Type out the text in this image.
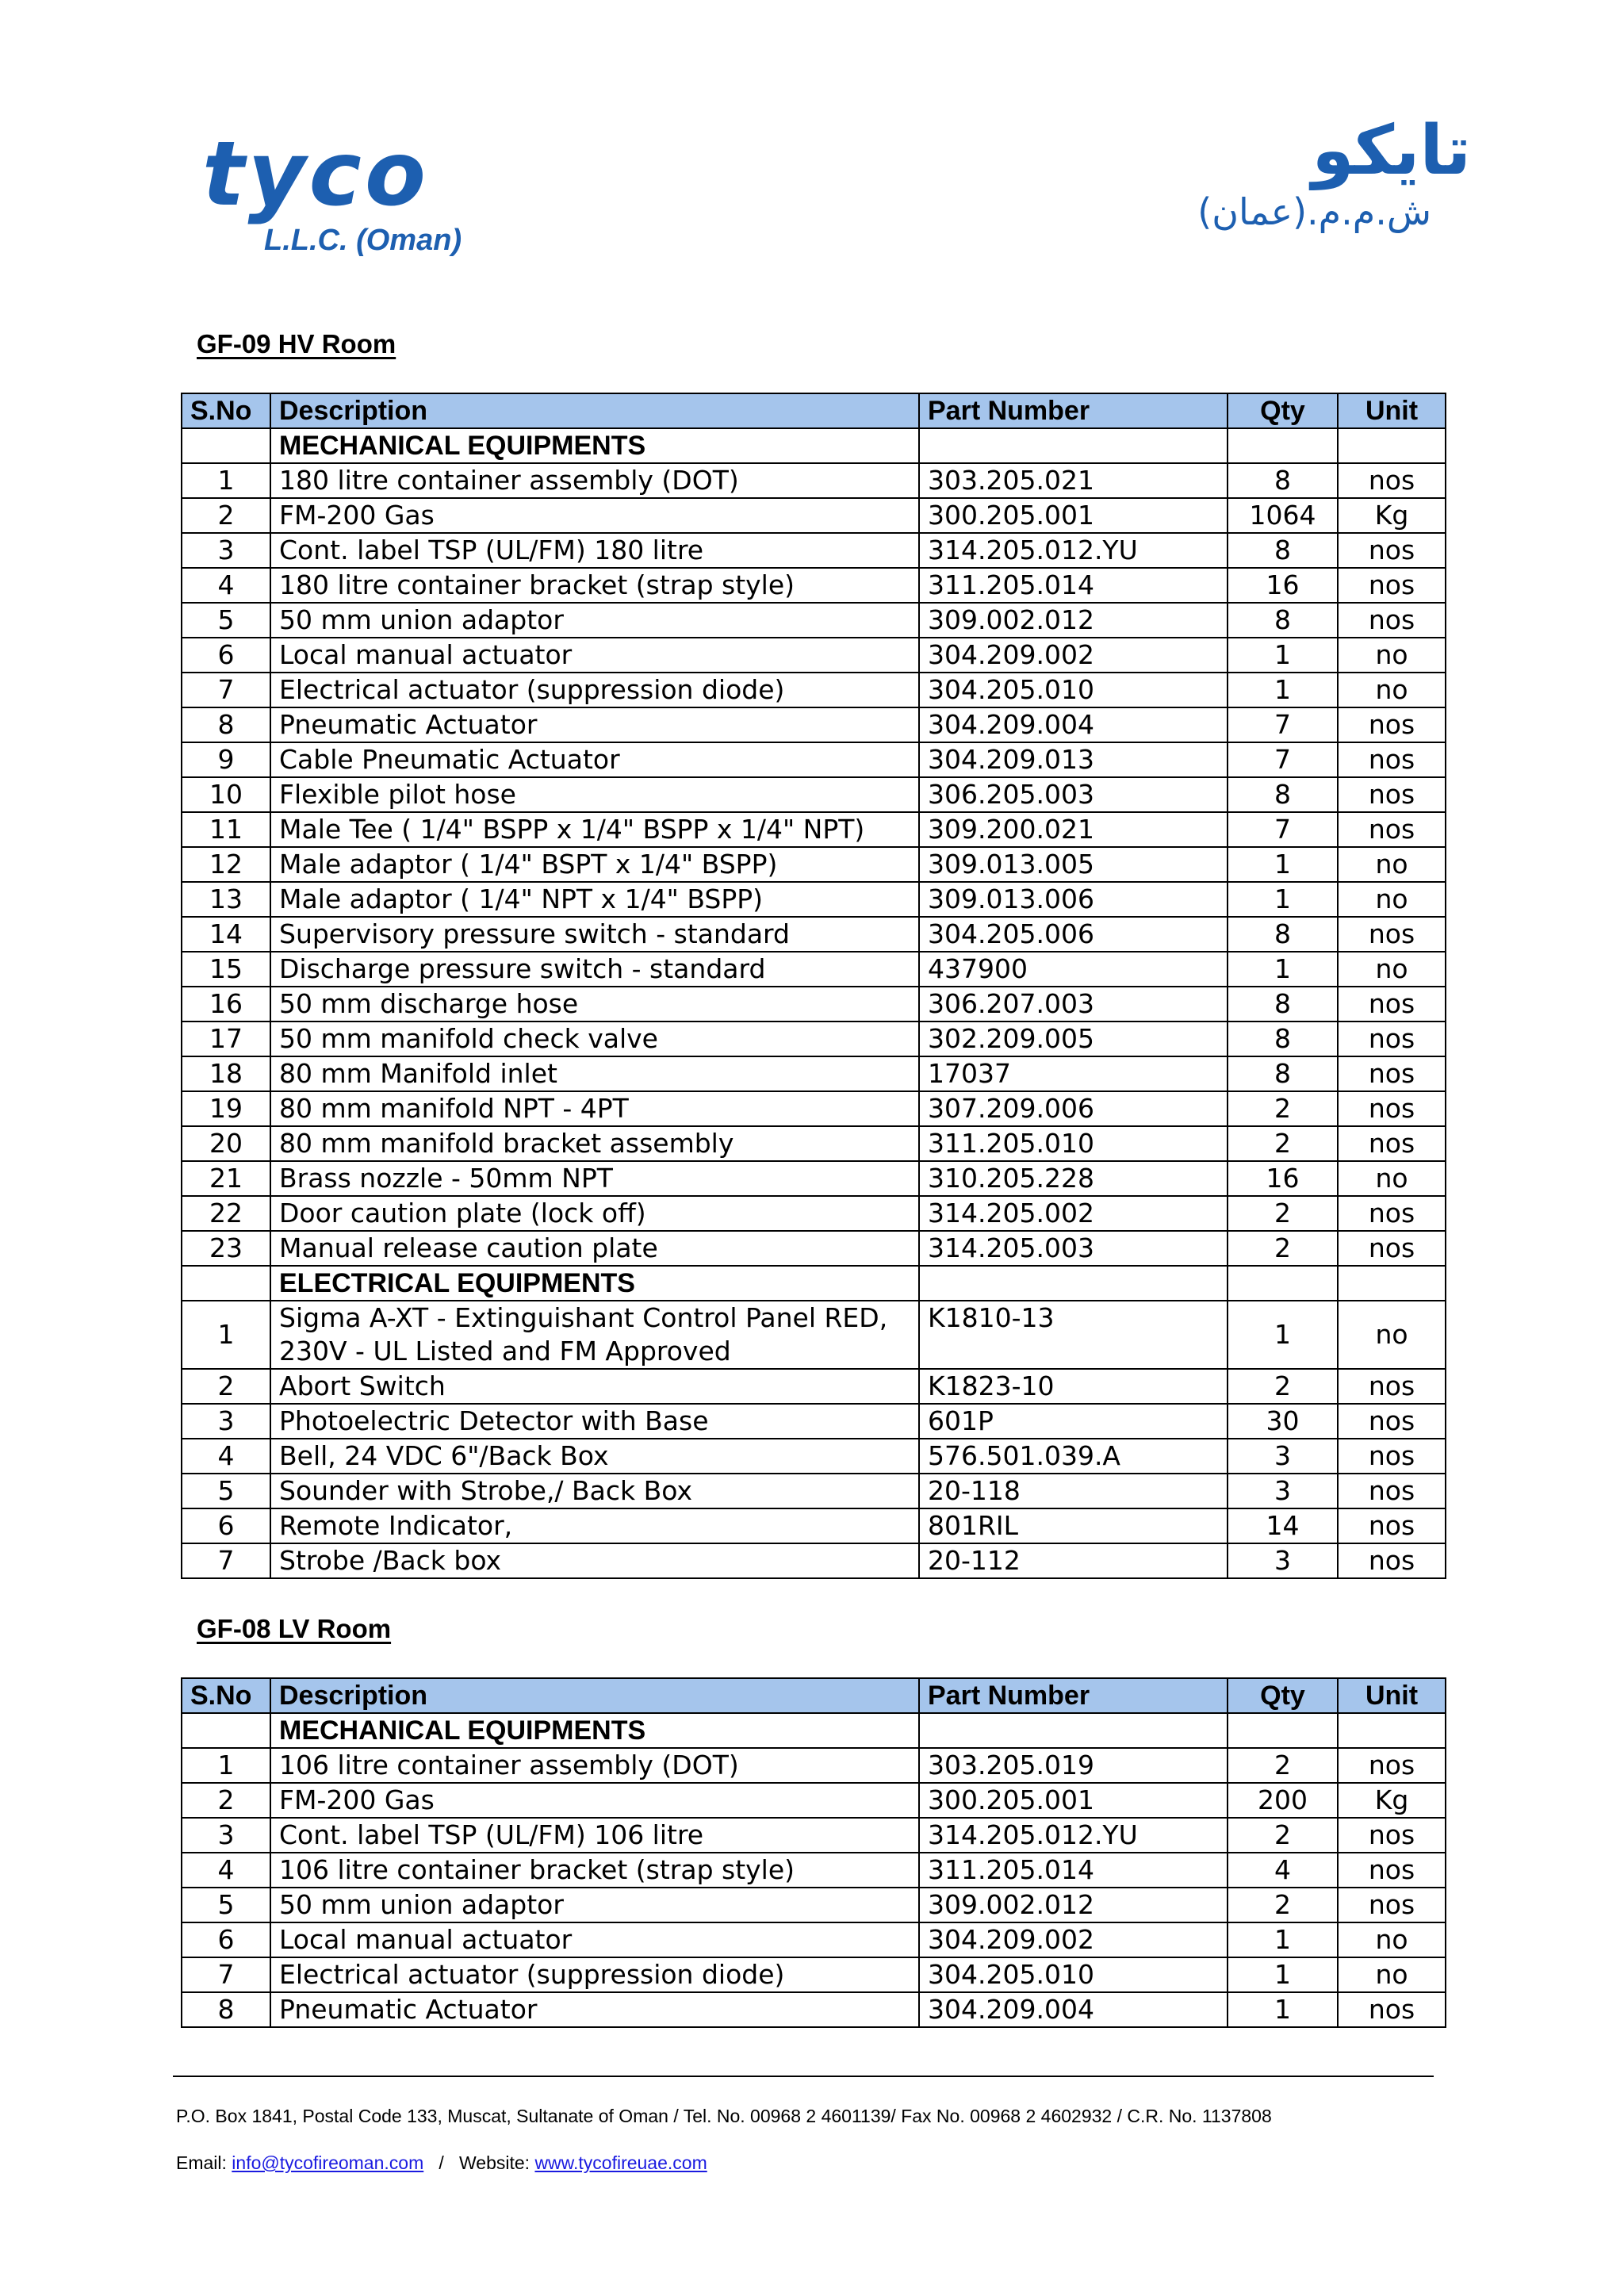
tyco
L.L.C. (Oman)
تايكو
ش.م.م.(عمان)
GF-09 HV Room
S.No	Description	Part Number	Qty	Unit
	MECHANICAL EQUIPMENTS			
1	180 litre container assembly (DOT)	303.205.021	8	nos
2	FM-200 Gas	300.205.001	1064	Kg
3	Cont. label TSP (UL/FM) 180 litre	314.205.012.YU	8	nos
4	180 litre container bracket (strap style)	311.205.014	16	nos
5	50 mm union adaptor	309.002.012	8	nos
6	Local manual actuator	304.209.002	1	no
7	Electrical actuator (suppression diode)	304.205.010	1	no
8	Pneumatic Actuator	304.209.004	7	nos
9	Cable Pneumatic Actuator	304.209.013	7	nos
10	Flexible pilot hose	306.205.003	8	nos
11	Male Tee ( 1/4" BSPP x 1/4" BSPP x 1/4" NPT)	309.200.021	7	nos
12	Male adaptor ( 1/4" BSPT x 1/4" BSPP)	309.013.005	1	no
13	Male adaptor ( 1/4" NPT x 1/4" BSPP)	309.013.006	1	no
14	Supervisory pressure switch - standard	304.205.006	8	nos
15	Discharge pressure switch - standard	437900	1	no
16	50 mm discharge hose	306.207.003	8	nos
17	50 mm manifold check valve	302.209.005	8	nos
18	80 mm Manifold inlet	17037	8	nos
19	80 mm manifold NPT - 4PT	307.209.006	2	nos
20	80 mm manifold bracket assembly	311.205.010	2	nos
21	Brass nozzle - 50mm NPT	310.205.228	16	no
22	Door caution plate (lock off)	314.205.002	2	nos
23	Manual release caution plate	314.205.003	2	nos
	ELECTRICAL EQUIPMENTS			
1	Sigma A-XT - Extinguishant Control Panel RED, 230V - UL Listed and FM Approved	K1810-13	1	no
2	Abort Switch	K1823-10	2	nos
3	Photoelectric Detector with Base	601P	30	nos
4	Bell, 24 VDC 6"/Back Box	576.501.039.A	3	nos
5	Sounder with Strobe,/ Back Box	20-118	3	nos
6	Remote Indicator,	801RIL	14	nos
7	Strobe /Back box	20-112	3	nos
GF-08 LV Room
S.No	Description	Part Number	Qty	Unit
	MECHANICAL EQUIPMENTS			
1	106 litre container assembly (DOT)	303.205.019	2	nos
2	FM-200 Gas	300.205.001	200	Kg
3	Cont. label TSP (UL/FM) 106 litre	314.205.012.YU	2	nos
4	106 litre container bracket (strap style)	311.205.014	4	nos
5	50 mm union adaptor	309.002.012	2	nos
6	Local manual actuator	304.209.002	1	no
7	Electrical actuator (suppression diode)	304.205.010	1	no
8	Pneumatic Actuator	304.209.004	1	nos
P.O. Box 1841, Postal Code 133, Muscat, Sultanate of Oman / Tel. No. 00968 2 4601139/ Fax No. 00968 2 4602932 / C.R. No. 1137808
Email: info@tycofireoman.com / Website: www.tycofireuae.com
